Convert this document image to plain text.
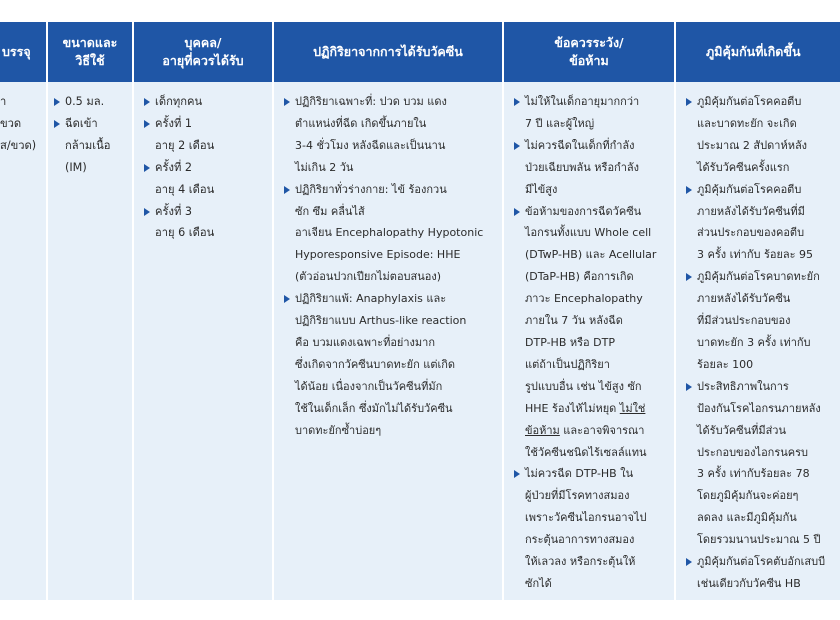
บรรจุ
า
ขวด
ส/ขวด)
ขนาดและ
วิธีใช้
0.5 มล.
ฉีดเข้า
กล้ามเนื้อ
(IM)
บุคคล/
อายุที่ควรได้รับ
เด็กทุกคน
ครั้งที่ 1
อายุ 2 เดือน
ครั้งที่ 2
อายุ 4 เดือน
ครั้งที่ 3
อายุ 6 เดือน
ปฏิกิริยาจากการได้รับวัคซีน
ปฏิกิริยาเฉพาะที่: ปวด บวม แดง
ตำแหน่งที่ฉีด เกิดขึ้นภายใน
3-4 ชั่วโมง หลังฉีดและเป็นนาน
ไม่เกิน 2 วัน
ปฏิกิริยาทั่วร่างกาย: ไข้ ร้องกวน
ซัก ซึม คลื่นไส้
อาเจียน Encephalopathy Hypotonic
Hyporesponsive Episode: HHE
(ตัวอ่อนปวกเปียกไม่ตอบสนอง)
ปฏิกิริยาแพ้: Anaphylaxis และ
ปฏิกิริยาแบบ Arthus-like reaction
คือ บวมแดงเฉพาะที่อย่างมาก
ซึ่งเกิดจากวัคซีนบาดทะยัก แต่เกิด
ได้น้อย เนื่องจากเป็นวัคซีนที่มัก
ใช้ในเด็กเล็ก ซึ่งมักไม่ได้รับวัคซีน
บาดทะยักซ้ำบ่อยๆ
ข้อควรระวัง/
ข้อห้าม
ไม่ให้ในเด็กอายุมากกว่า
7 ปี และผู้ใหญ่
ไม่ควรฉีดในเด็กที่กำลัง
ป่วยเฉียบพลัน หรือกำลัง
มีไข้สูง
ข้อห้ามของการฉีดวัคซีน
ไอกรนทั้งแบบ Whole cell
(DTwP-HB) และ Acellular
(DTaP-HB) คือการเกิด
ภาวะ Encephalopathy
ภายใน 7 วัน หลังฉีด
DTP-HB หรือ DTP
แต่ถ้าเป็นปฏิกิริยา
รูปแบบอื่น เช่น ไข้สูง ซัก
HHE ร้องไห้ไม่หยุด ไม่ใช่
ข้อห้าม และอาจพิจารณา
ใช้วัคซีนชนิดไร้เซลล์แทน
ไม่ควรฉีด DTP-HB ใน
ผู้ป่วยที่มีโรคทางสมอง
เพราะวัคซีนไอกรนอาจไป
กระตุ้นอาการทางสมอง
ให้เลวลง หรือกระตุ้นให้
ซักได้
ภูมิคุ้มกันที่เกิดขึ้น
ภูมิคุ้มกันต่อโรคคอตีบ
และบาดทะยัก จะเกิด
ประมาณ 2 สัปดาห์หลัง
ได้รับวัคซีนครั้งแรก
ภูมิคุ้มกันต่อโรคคอตีบ
ภายหลังได้รับวัคซีนที่มี
ส่วนประกอบของคอตีบ
3 ครั้ง เท่ากับ ร้อยละ 95
ภูมิคุ้มกันต่อโรคบาดทะยัก
ภายหลังได้รับวัคซีน
ที่มีส่วนประกอบของ
บาดทะยัก 3 ครั้ง เท่ากับ
ร้อยละ 100
ประสิทธิภาพในการ
ป้องกันโรคไอกรนภายหลัง
ได้รับวัคซีนที่มีส่วน
ประกอบของไอกรนครบ
3 ครั้ง เท่ากับร้อยละ 78
โดยภูมิคุ้มกันจะค่อยๆ
ลดลง และมีภูมิคุ้มกัน
โดยรวมนานประมาณ 5 ปี
ภูมิคุ้มกันต่อโรคตับอักเสบบี
เช่นเดียวกับวัคซีน HB
